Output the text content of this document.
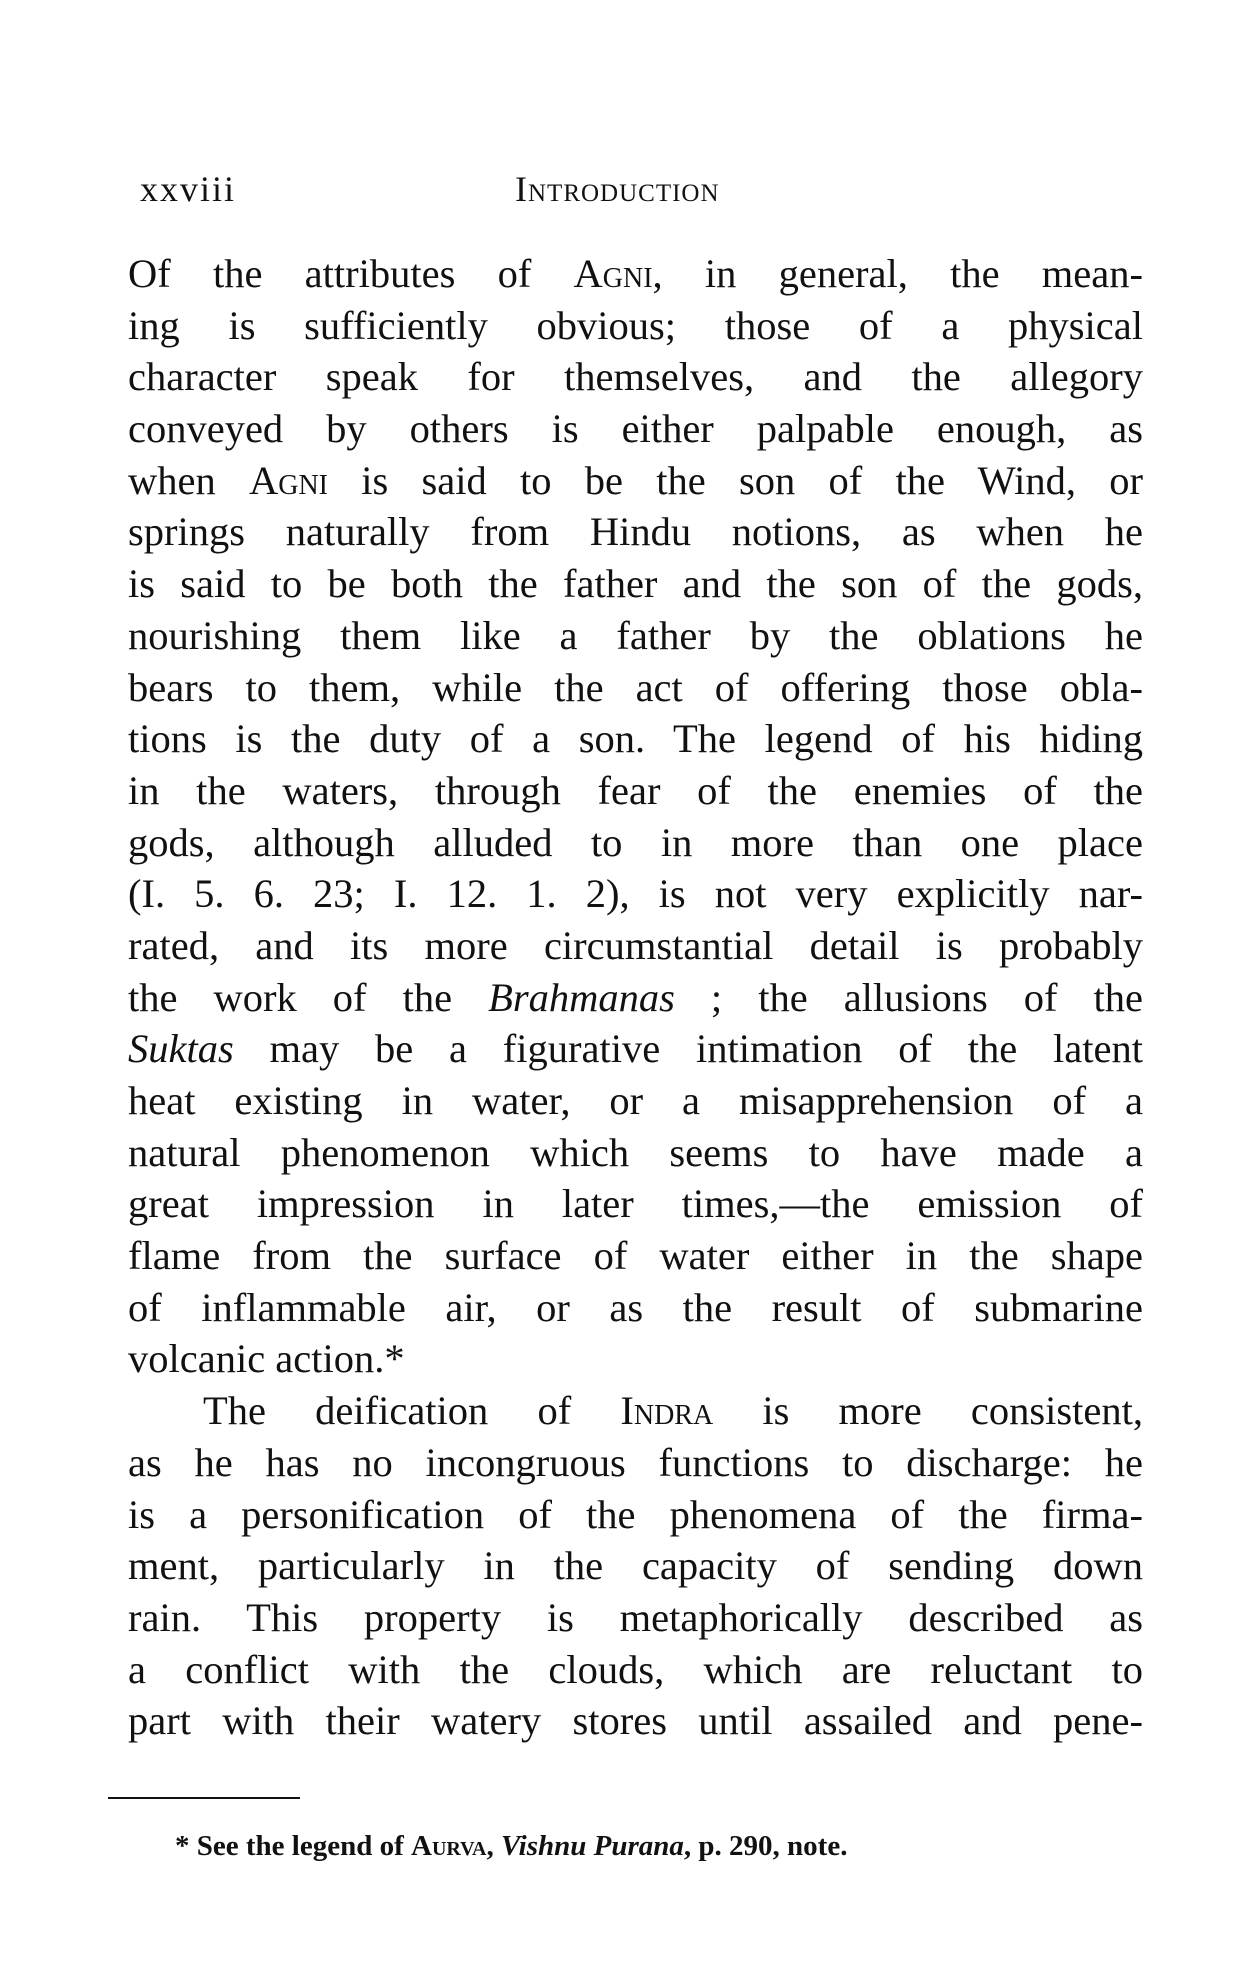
xxviii	Introduction
Of the attributes of Agni, in general, the mean-
ing is sufficiently obvious; those of a physical
character speak for themselves, and the allegory
conveyed by others is either palpable enough, as
when Agni is said to be the son of the Wind, or
springs naturally from Hindu notions, as when he
is said to be both the father and the son of the gods,
nourishing them like a father by the oblations he
bears to them, while the act of offering those obla-
tions is the duty of a son. The legend of his hiding
in the waters, through fear of the enemies of the
gods, although alluded to in more than one place
(I. 5. 6. 23; I. 12. 1. 2), is not very explicitly nar-
rated, and its more circumstantial detail is probably
the work of the Brahmanas ; the allusions of the
Suktas may be a figurative intimation of the latent
heat existing in water, or a misapprehension of a
natural phenomenon which seems to have made a
great impression in later times,—the emission of
flame from the surface of water either in the shape
of inflammable air, or as the result of submarine
volcanic action.*
The deification of Indra is more consistent,
as he has no incongruous functions to discharge: he
is a personification of the phenomena of the firma-
ment, particularly in the capacity of sending down
rain. This property is metaphorically described as
a conflict with the clouds, which are reluctant to
part with their watery stores until assailed and pene-
* See the legend of Aurva, Vishnu Purana, p. 290, note.
